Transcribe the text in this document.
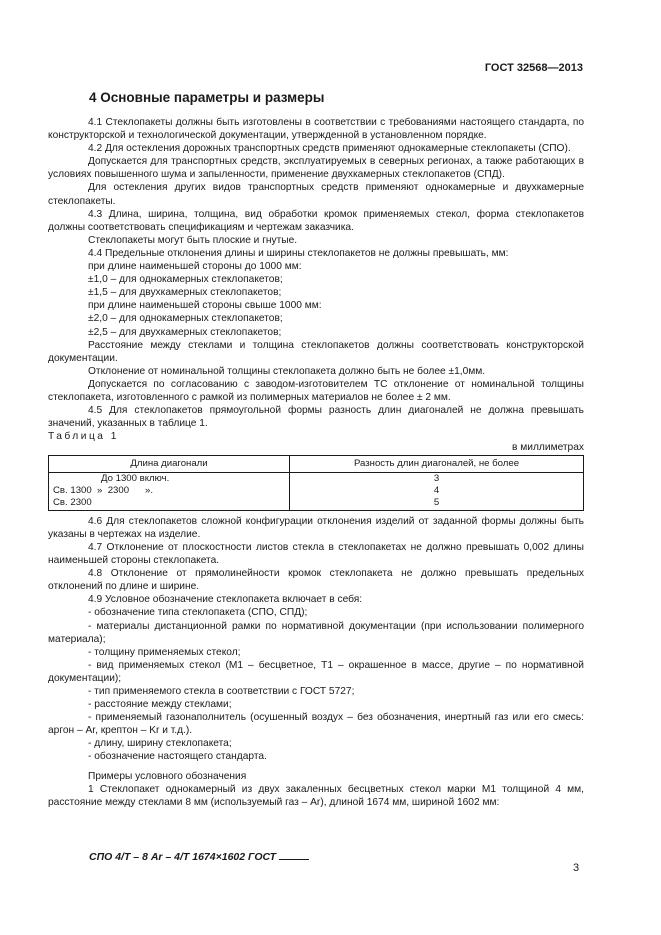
ГОСТ 32568—2013
4 Основные параметры и размеры

4.1 Стеклопакеты должны быть изготовлены в соответствии с требованиями настоящего стандарта, по конструкторской и технологической документации, утвержденной в установленном порядке.

4.2 Для остекления дорожных транспортных средств применяют однокамерные стеклопакеты (СПО).

Допускается для транспортных средств, эксплуатируемых в северных регионах, а также работающих в условиях повышенного шума и запыленности, применение двухкамерных стеклопакетов (СПД).

Для остекления других видов транспортных средств применяют однокамерные и двухкамерные стеклопакеты.

4.3 Длина, ширина, толщина, вид обработки кромок применяемых стекол, форма стеклопакетов должны соответствовать спецификациям и чертежам заказчика.

Стеклопакеты могут быть плоские и гнутые.

4.4 Предельные отклонения длины и ширины стеклопакетов не должны превышать, мм:

при длине наименьшей стороны до 1000 мм:

±1,0 – для однокамерных стеклопакетов;

±1,5 – для двухкамерных стеклопакетов;

при длине наименьшей стороны свыше 1000 мм:

±2,0 – для однокамерных стеклопакетов;

±2,5 – для двухкамерных стеклопакетов;

Расстояние между стеклами и толщина стеклопакетов должны соответствовать конструкторской документации.

Отклонение от номинальной толщины стеклопакета должно быть не более ±1,0мм.

Допускается по согласованию с заводом-изготовителем ТС отклонение от номинальной толщины стеклопакета, изготовленного с рамкой из полимерных материалов не более ± 2 мм.

4.5 Для стеклопакетов прямоугольной формы разность длин диагоналей не должна превышать значений, указанных в таблице 1.

Таблица 1

в миллиметрах

Длина диагонали	Разность длин диагоналей, не более
До 1300 включ.	3
Св. 1300  »  2300      ».	4
Св. 2300	5

4.6 Для стеклопакетов сложной конфигурации отклонения изделий от заданной формы должны быть указаны в чертежах на изделие.

4.7 Отклонение от плоскостности листов стекла в стеклопакетах не должно превышать 0,002 длины наименьшей стороны стеклопакета.

4.8 Отклонение от прямолинейности кромок стеклопакета не должно превышать предельных отклонений по длине и ширине.

4.9 Условное обозначение стеклопакета включает в себя:

- обозначение типа стеклопакета (СПО, СПД);

- материалы дистанционной рамки по нормативной документации (при использовании полимерного материала);

- толщину применяемых стекол;

- вид применяемых стекол (М1 – бесцветное, Т1 – окрашенное в массе, другие – по нормативной документации);

- тип применяемого стекла в соответствии с ГОСТ 5727;

- расстояние между стеклами;

- применяемый газонаполнитель (осушенный воздух – без обозначения, инертный газ или его смесь: аргон – Ar, крептон – Kr и т.д.).

- длину, ширину стеклопакета;

- обозначение настоящего стандарта.

Примеры условного обозначения

1 Стеклопакет однокамерный из двух закаленных бесцветных стекол марки М1 толщиной 4 мм, расстояние между стеклами 8 мм (используемый газ – Ar), длиной 1674 мм, шириной 1602 мм:

СПО 4/Т – 8 Ar – 4/Т 1674×1602 ГОСТ
3
